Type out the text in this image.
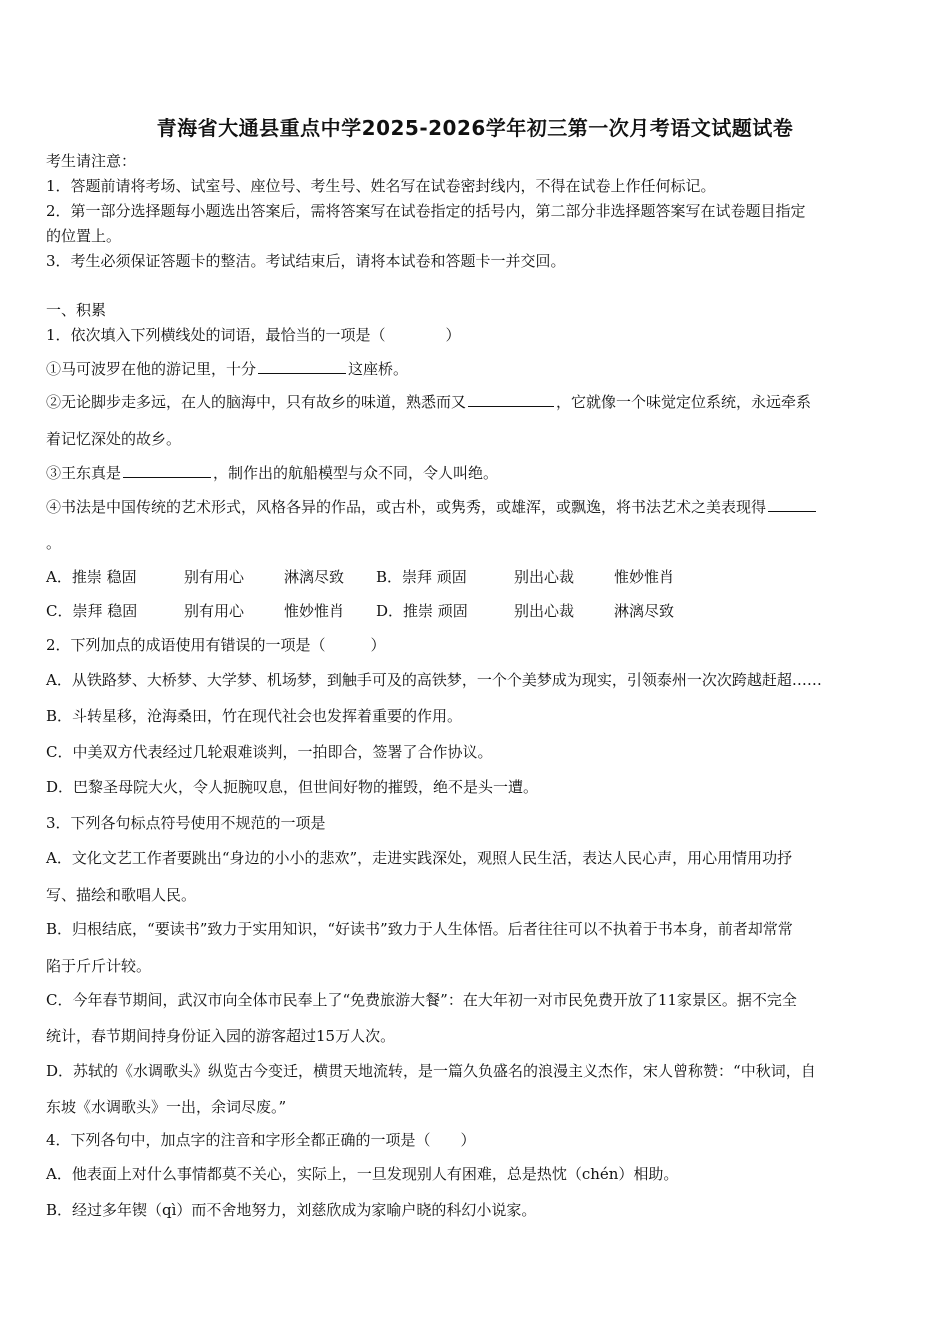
青海省大通县重点中学2025-2026学年初三第一次月考语文试题试卷
考生请注意：
1．答题前请将考场、试室号、座位号、考生号、姓名写在试卷密封线内，不得在试卷上作任何标记。
2．第一部分选择题每小题选出答案后，需将答案写在试卷指定的括号内，第二部分非选择题答案写在试卷题目指定
的位置上。
3．考生必须保证答题卡的整洁。考试结束后，请将本试卷和答题卡一并交回。
一、积累
1．依次填入下列横线处的词语，最恰当的一项是（　　　　）
①马可波罗在他的游记里，十分	这座桥。
②无论脚步走多远，在人的脑海中，只有故乡的味道，熟悉而又	，它就像一个味觉定位系统，永远牵系
着记忆深处的故乡。
③王东真是	，制作出的航船模型与众不同，令人叫绝。
④书法是中国传统的艺术形式，风格各异的作品，或古朴，或隽秀，或雄浑，或飘逸，将书法艺术之美表现得
。
A．推崇 稳固	别有用心	淋漓尽致 B．崇拜 顽固	别出心裁	惟妙惟肖
C．崇拜 稳固	别有用心	惟妙惟肖 D．推崇 顽固	别出心裁	淋漓尽致
2．下列加点的成语使用有错误的一项是（　　　）
A．从铁路梦、大桥梦、大学梦、机场梦，到触手可及的高铁梦，一个个美梦成为现实，引领泰州一次次跨越赶超……
B．斗转星移，沧海桑田，竹在现代社会也发挥着重要的作用。
C．中美双方代表经过几轮艰难谈判，一拍即合，签署了合作协议。
D．巴黎圣母院大火，令人扼腕叹息，但世间好物的摧毁，绝不是头一遭。
3．下列各句标点符号使用不规范的一项是
A．文化文艺工作者要跳出“身边的小小的悲欢”，走进实践深处，观照人民生活，表达人民心声，用心用情用功抒
写、描绘和歌唱人民。
B．归根结底，“要读书”致力于实用知识，“好读书”致力于人生体悟。后者往往可以不执着于书本身，前者却常常
陷于斤斤计较。
C．今年春节期间，武汉市向全体市民奉上了“免费旅游大餐”：在大年初一对市民免费开放了11家景区。据不完全
统计，春节期间持身份证入园的游客超过15万人次。
D．苏轼的《水调歌头》纵览古今变迁，横贯天地流转，是一篇久负盛名的浪漫主义杰作，宋人曾称赞：“中秋词，自
东坡《水调歌头》一出，余词尽废。”
4．下列各句中，加点字的注音和字形全都正确的一项是（　　）
A．他表面上对什么事情都莫不关心，实际上，一旦发现别人有困难，总是热忱（chén）相助。
B．经过多年锲（qì）而不舍地努力，刘慈欣成为家喻户晓的科幻小说家。
